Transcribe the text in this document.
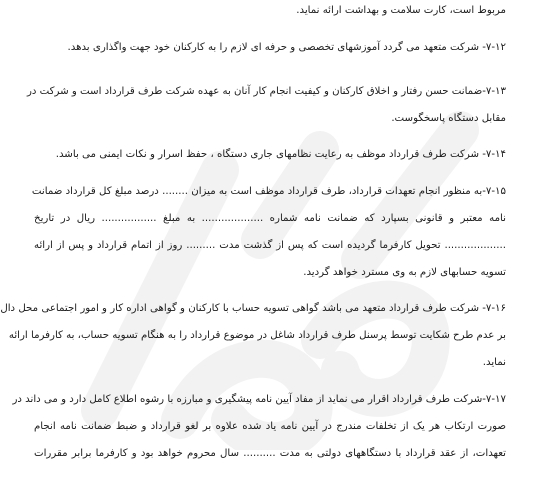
مربوط است، کارت سلامت و بهداشت ارائه نماید.
۷-۱۲- شرکت متعهد می گردد آموزشهای تخصصی و حرفه ای لازم را به کارکنان خود جهت واگذاری بدهد.
۷-۱۳-ضمانت حسن رفتار و اخلاق کارکنان و کیفیت انجام کار آنان به عهده شرکت طرف قرارداد است و شرکت در
مقابل دستگاه پاسخگوست.
۷-۱۴- شرکت طرف قرارداد موظف به رعایت نظامهای جاری دستگاه ، حفظ اسرار و نکات ایمنی می باشد.
۷-۱۵-به منظور انجام تعهدات قرارداد، طرف قرارداد موظف است به میزان ........ درصد مبلغ کل قرارداد ضمانت
نامه معتبر و قانونی بسپارد که ضمانت نامه شماره ................... به مبلغ ................. ریال در تاریخ
................... تحویل کارفرما گردیده است که پس از گذشت مدت ......... روز از اتمام قرارداد و پس از ارائه
تسویه حسابهای لازم به وی مسترد خواهد گردید.
۷-۱۶- شرکت طرف قرارداد متعهد می باشد گواهی تسویه حساب با کارکنان و گواهی اداره کار و امور اجتماعی محل دال
بر عدم طرح شکایت توسط پرسنل طرف قرارداد شاغل در موضوع قرارداد را به هنگام تسویه حساب، به کارفرما ارائه
نماید.
۷-۱۷-شرکت طرف قرارداد اقرار می نماید از مفاد آیین نامه پیشگیری و مبارزه با رشوه اطلاع کامل دارد و می داند در
صورت ارتکاب هر یک از تخلفات مندرج در آیین نامه یاد شده علاوه بر لغو قرارداد و ضبط ضمانت نامه انجام
تعهدات، از عقد قرارداد با دستگاههای دولتی به مدت .......... سال محروم خواهد بود و کارفرما برابر مقررات
